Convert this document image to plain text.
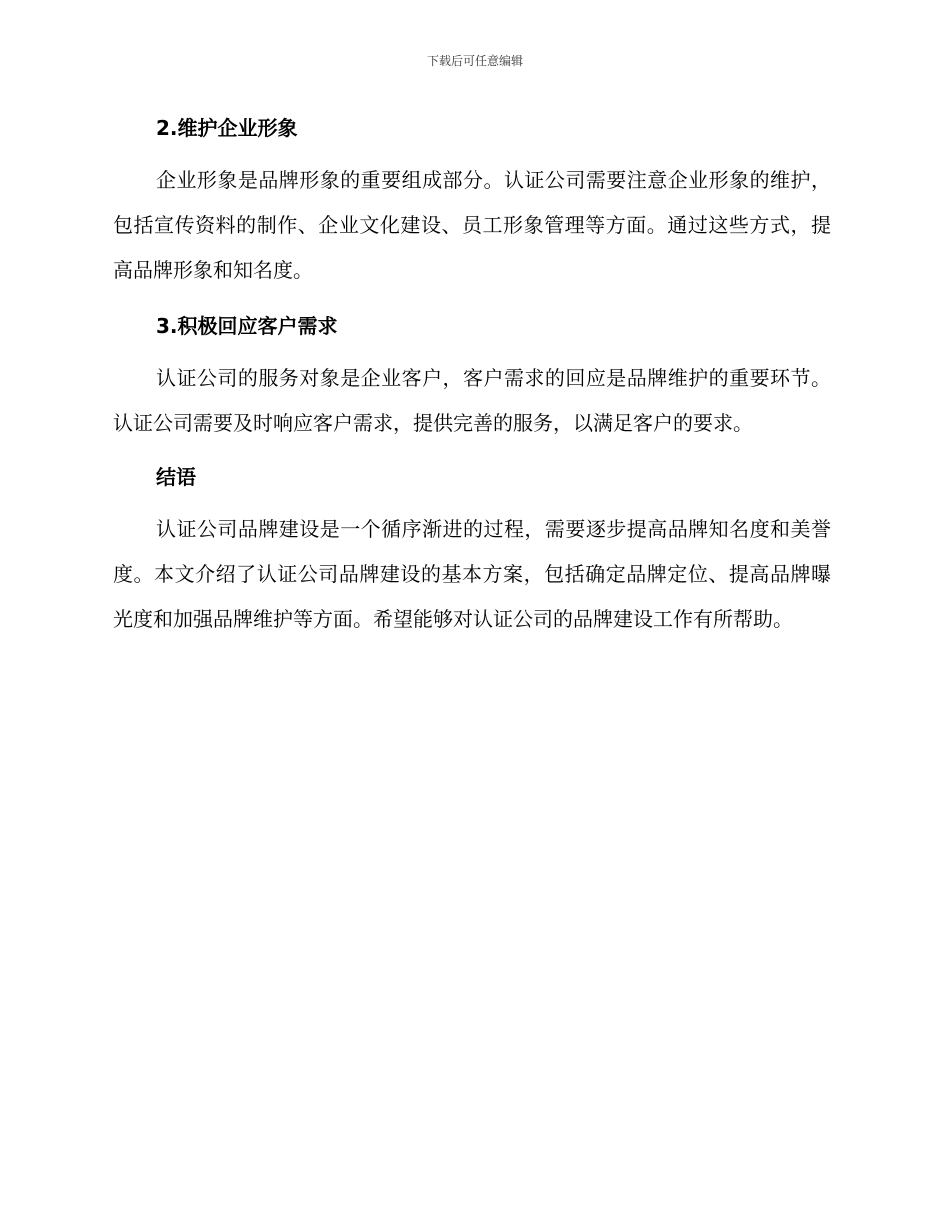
下载后可任意编辑
2.维护企业形象

企业形象是品牌形象的重要组成部分。认证公司需要注意企业形象的维护，包括宣传资料的制作、企业文化建设、员工形象管理等方面。通过这些方式，提高品牌形象和知名度。

3.积极回应客户需求

认证公司的服务对象是企业客户，客户需求的回应是品牌维护的重要环节。认证公司需要及时响应客户需求，提供完善的服务，以满足客户的要求。

结语

认证公司品牌建设是一个循序渐进的过程，需要逐步提高品牌知名度和美誉度。本文介绍了认证公司品牌建设的基本方案，包括确定品牌定位、提高品牌曝光度和加强品牌维护等方面。希望能够对认证公司的品牌建设工作有所帮助。
